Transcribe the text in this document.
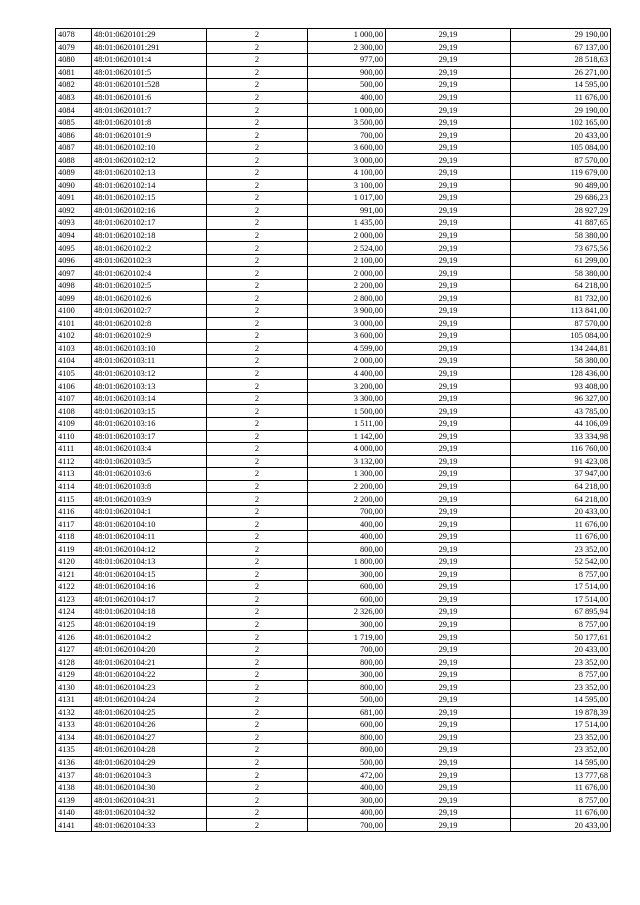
4078	48:01:0620101:29	2	1 000,00	29,19	29 190,00
4079	48:01:0620101:291	2	2 300,00	29,19	67 137,00
4080	48:01:0620101:4	2	977,00	29,19	28 518,63
4081	48:01:0620101:5	2	900,00	29,19	26 271,00
4082	48:01:0620101:528	2	500,00	29,19	14 595,00
4083	48:01:0620101:6	2	400,00	29,19	11 676,00
4084	48:01:0620101:7	2	1 000,00	29,19	29 190,00
4085	48:01:0620101:8	2	3 500,00	29,19	102 165,00
4086	48:01:0620101:9	2	700,00	29,19	20 433,00
4087	48:01:0620102:10	2	3 600,00	29,19	105 084,00
4088	48:01:0620102:12	2	3 000,00	29,19	87 570,00
4089	48:01:0620102:13	2	4 100,00	29,19	119 679,00
4090	48:01:0620102:14	2	3 100,00	29,19	90 489,00
4091	48:01:0620102:15	2	1 017,00	29,19	29 686,23
4092	48:01:0620102:16	2	991,00	29,19	28 927,29
4093	48:01:0620102:17	2	1 435,00	29,19	41 887,65
4094	48:01:0620102:18	2	2 000,00	29,19	58 380,00
4095	48:01:0620102:2	2	2 524,00	29,19	73 675,56
4096	48:01:0620102:3	2	2 100,00	29,19	61 299,00
4097	48:01:0620102:4	2	2 000,00	29,19	58 380,00
4098	48:01:0620102:5	2	2 200,00	29,19	64 218,00
4099	48:01:0620102:6	2	2 800,00	29,19	81 732,00
4100	48:01:0620102:7	2	3 900,00	29,19	113 841,00
4101	48:01:0620102:8	2	3 000,00	29,19	87 570,00
4102	48:01:0620102:9	2	3 600,00	29,19	105 084,00
4103	48:01:0620103:10	2	4 599,00	29,19	134 244,81
4104	48:01:0620103:11	2	2 000,00	29,19	58 380,00
4105	48:01:0620103:12	2	4 400,00	29,19	128 436,00
4106	48:01:0620103:13	2	3 200,00	29,19	93 408,00
4107	48:01:0620103:14	2	3 300,00	29,19	96 327,00
4108	48:01:0620103:15	2	1 500,00	29,19	43 785,00
4109	48:01:0620103:16	2	1 511,00	29,19	44 106,09
4110	48:01:0620103:17	2	1 142,00	29,19	33 334,98
4111	48:01:0620103:4	2	4 000,00	29,19	116 760,00
4112	48:01:0620103:5	2	3 132,00	29,19	91 423,08
4113	48:01:0620103:6	2	1 300,00	29,19	37 947,00
4114	48:01:0620103:8	2	2 200,00	29,19	64 218,00
4115	48:01:0620103:9	2	2 200,00	29,19	64 218,00
4116	48:01:0620104:1	2	700,00	29,19	20 433,00
4117	48:01:0620104:10	2	400,00	29,19	11 676,00
4118	48:01:0620104:11	2	400,00	29,19	11 676,00
4119	48:01:0620104:12	2	800,00	29,19	23 352,00
4120	48:01:0620104:13	2	1 800,00	29,19	52 542,00
4121	48:01:0620104:15	2	300,00	29,19	8 757,00
4122	48:01:0620104:16	2	600,00	29,19	17 514,00
4123	48:01:0620104:17	2	600,00	29,19	17 514,00
4124	48:01:0620104:18	2	2 326,00	29,19	67 895,94
4125	48:01:0620104:19	2	300,00	29,19	8 757,00
4126	48:01:0620104:2	2	1 719,00	29,19	50 177,61
4127	48:01:0620104:20	2	700,00	29,19	20 433,00
4128	48:01:0620104:21	2	800,00	29,19	23 352,00
4129	48:01:0620104:22	2	300,00	29,19	8 757,00
4130	48:01:0620104:23	2	800,00	29,19	23 352,00
4131	48:01:0620104:24	2	500,00	29,19	14 595,00
4132	48:01:0620104:25	2	681,00	29,19	19 878,39
4133	48:01:0620104:26	2	600,00	29,19	17 514,00
4134	48:01:0620104:27	2	800,00	29,19	23 352,00
4135	48:01:0620104:28	2	800,00	29,19	23 352,00
4136	48:01:0620104:29	2	500,00	29,19	14 595,00
4137	48:01:0620104:3	2	472,00	29,19	13 777,68
4138	48:01:0620104:30	2	400,00	29,19	11 676,00
4139	48:01:0620104:31	2	300,00	29,19	8 757,00
4140	48:01:0620104:32	2	400,00	29,19	11 676,00
4141	48:01:0620104:33	2	700,00	29,19	20 433,00
